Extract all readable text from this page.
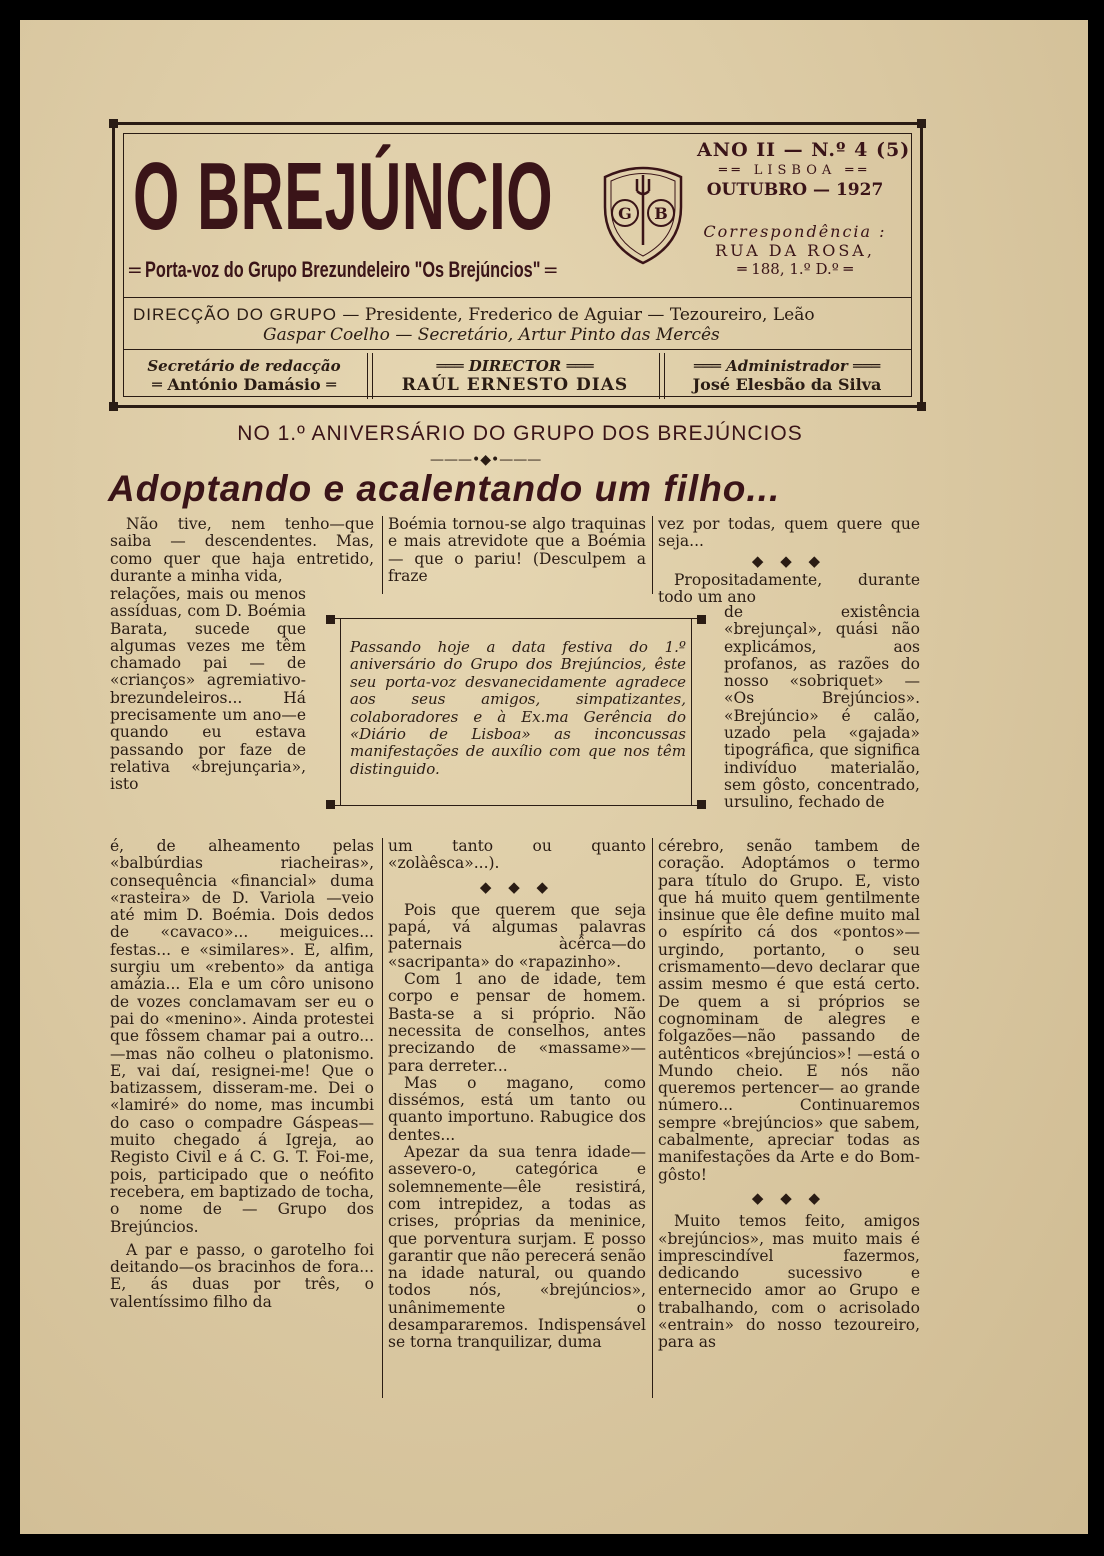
O BREJÚNCIO
═ Porta-voz do Grupo Brezundeleiro "Os Brejúncios" ═
G B
ANO II — N.º 4 (5)
══ LISBOA ══
OUTUBRO — 1927
Correspondência :
RUA DA ROSA,
═ 188, 1.º D.º ═
DIRECÇÃO DO GRUPO — Presidente, Frederico de Aguiar — Tezoureiro, Leão
Gaspar Coelho — Secretário, Artur Pinto das Mercês
Secretário de redacção
═ António Damásio ═
═══ DIRECTOR ═══
RAÚL ERNESTO DIAS
═══ Administrador ═══
José Elesbão da Silva
NO 1.º ANIVERSÁRIO DO GRUPO DOS BREJÚNCIOS
———•◆•———
Adoptando e acalentando um filho...

Não tive, nem tenho—que saiba — descendentes. Mas, como quer que haja entretido, durante a minha vida,

relações, mais ou menos assíduas, com D. Boémia Barata, sucede que algumas vezes me têm chamado pai — de «crianços» agremiativo-brezundeleiros... Há precisamente um ano—e quando eu estava passando por faze de relativa «brejunçaria», isto

é, de alheamento pelas «balbúrdias riacheiras», consequência «financial» duma «rasteira» de D. Variola —veio até mim D. Boémia. Dois dedos de «cavaco»... meiguices... festas... e «similares». E, alfim, surgiu um «rebento» da antiga amázia... Ela e um côro unisono de vozes conclamavam ser eu o pai do «menino». Ainda protestei que fôssem chamar pai a outro...—mas não colheu o platonismo. E, vai daí, resignei-me! Que o batizassem, disseram-me. Dei o «lamiré» do nome, mas incumbi do caso o compadre Gáspeas—muito chegado á Igreja, ao Registo Civil e á C. G. T. Foi-me, pois, participado que o neófito recebera, em baptizado de tocha, o nome de — Grupo dos Brejúncios.

A par e passo, o garotelho foi deitando—os bracinhos de fora... E, ás duas por três, o valentíssimo filho da

Boémia tornou-se algo traquinas e mais atrevidote que a Boémia — que o pariu! (Desculpem a fraze

Passando hoje a data festiva do 1.º aniversário do Grupo dos Brejúncios, êste seu porta-voz desvanecidamente agradece aos seus amigos, simpatizantes, colaboradores e à Ex.ma Gerência do «Diário de Lisboa» as inconcussas manifestações de auxílio com que nos têm distinguido.

um tanto ou quanto «zolàêsca»...).

◆ ◆ ◆

Pois que querem que seja papá, vá algumas palavras paternais àcêrca—do «sacripanta» do «rapazinho».

Com 1 ano de idade, tem corpo e pensar de homem. Basta-se a si próprio. Não necessita de conselhos, antes precizando de «massame»—para derreter...

Mas o magano, como dissémos, está um tanto ou quanto importuno. Rabugice dos dentes...

Apezar da sua tenra idade—assevero-o, categórica e solemnemente—êle resistirá, com intrepidez, a todas as crises, próprias da meninice, que porventura surjam. E posso garantir que não perecerá senão na idade natural, ou quando todos nós, «brejúncios», unânimemente o desampararemos. Indispensável se torna tranquilizar, duma

vez por todas, quem quere que seja...

◆ ◆ ◆

Propositadamente, durante todo um ano

de existência «brejunçal», quási não explicámos, aos profanos, as razões do nosso «sobriquet» — «Os Brejúncios». «Brejúncio» é calão, uzado pela «gajada» tipográfica, que significa indivíduo materialão, sem gôsto, concentrado, ursulino, fechado de

cérebro, senão tambem de coração. Adoptámos o termo para título do Grupo. E, visto que há muito quem gentilmente insinue que êle define muito mal o espírito cá dos «pontos»—urgindo, portanto, o seu crismamento—devo declarar que assim mesmo é que está certo. De quem a si próprios se cognominam de alegres e folgazões—não passando de autênticos «brejúncios»! —está o Mundo cheio. E nós não queremos pertencer— ao grande número... Continuaremos sempre «brejúncios» que sabem, cabalmente, apreciar todas as manifestações da Arte e do Bom-gôsto!

◆ ◆ ◆

Muito temos feito, amigos «brejúncios», mas muito mais é imprescindível fazermos, dedicando sucessivo e enternecido amor ao Grupo e trabalhando, com o acrisolado «entrain» do nosso tezoureiro, para as
